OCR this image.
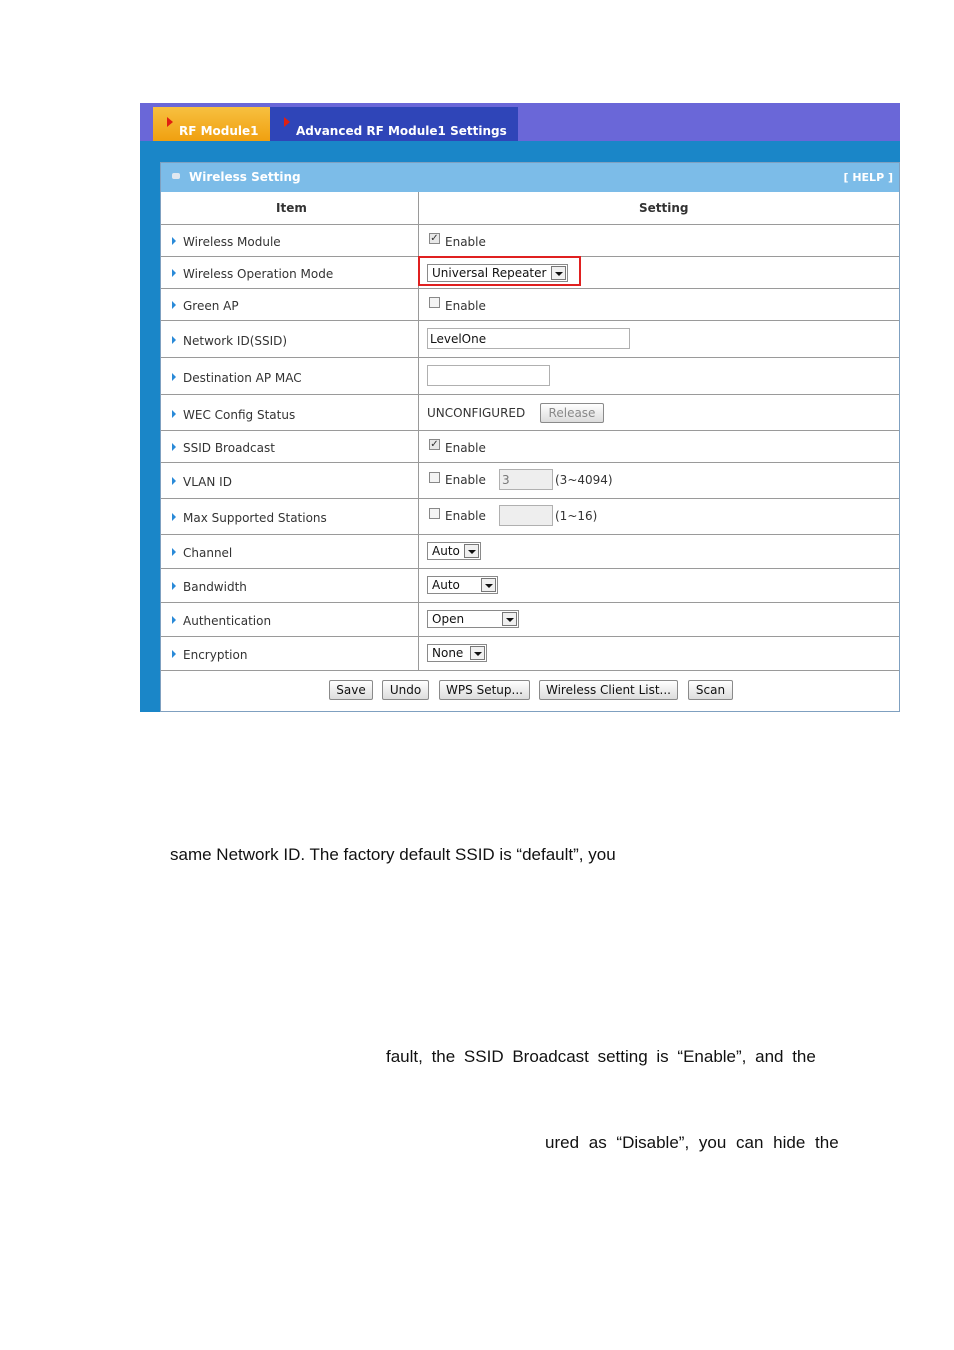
RF Module1	Advanced RF Module1 Settings
Wireless Setting	[ HELP ]
Item	Setting
Wireless Module	✓ Enable
Wireless Operation Mode	Universal Repeater
Green AP	Enable
Network ID(SSID)	LevelOne
Destination AP MAC
WEC Config Status	UNCONFIGURED	Release
SSID Broadcast	✓ Enable
VLAN ID	Enable 3	(3~4094)
Max Supported Stations	Enable	(1~16)
Channel	Auto
Bandwidth	Auto
Authentication	Open
Encryption	None
Save	Undo	WPS Setup...	Wireless Client List...	Scan
same Network ID. The factory default SSID is “default”, you
fault, the SSID Broadcast setting is “Enable”, and the
ured as “Disable”, you can hide the
